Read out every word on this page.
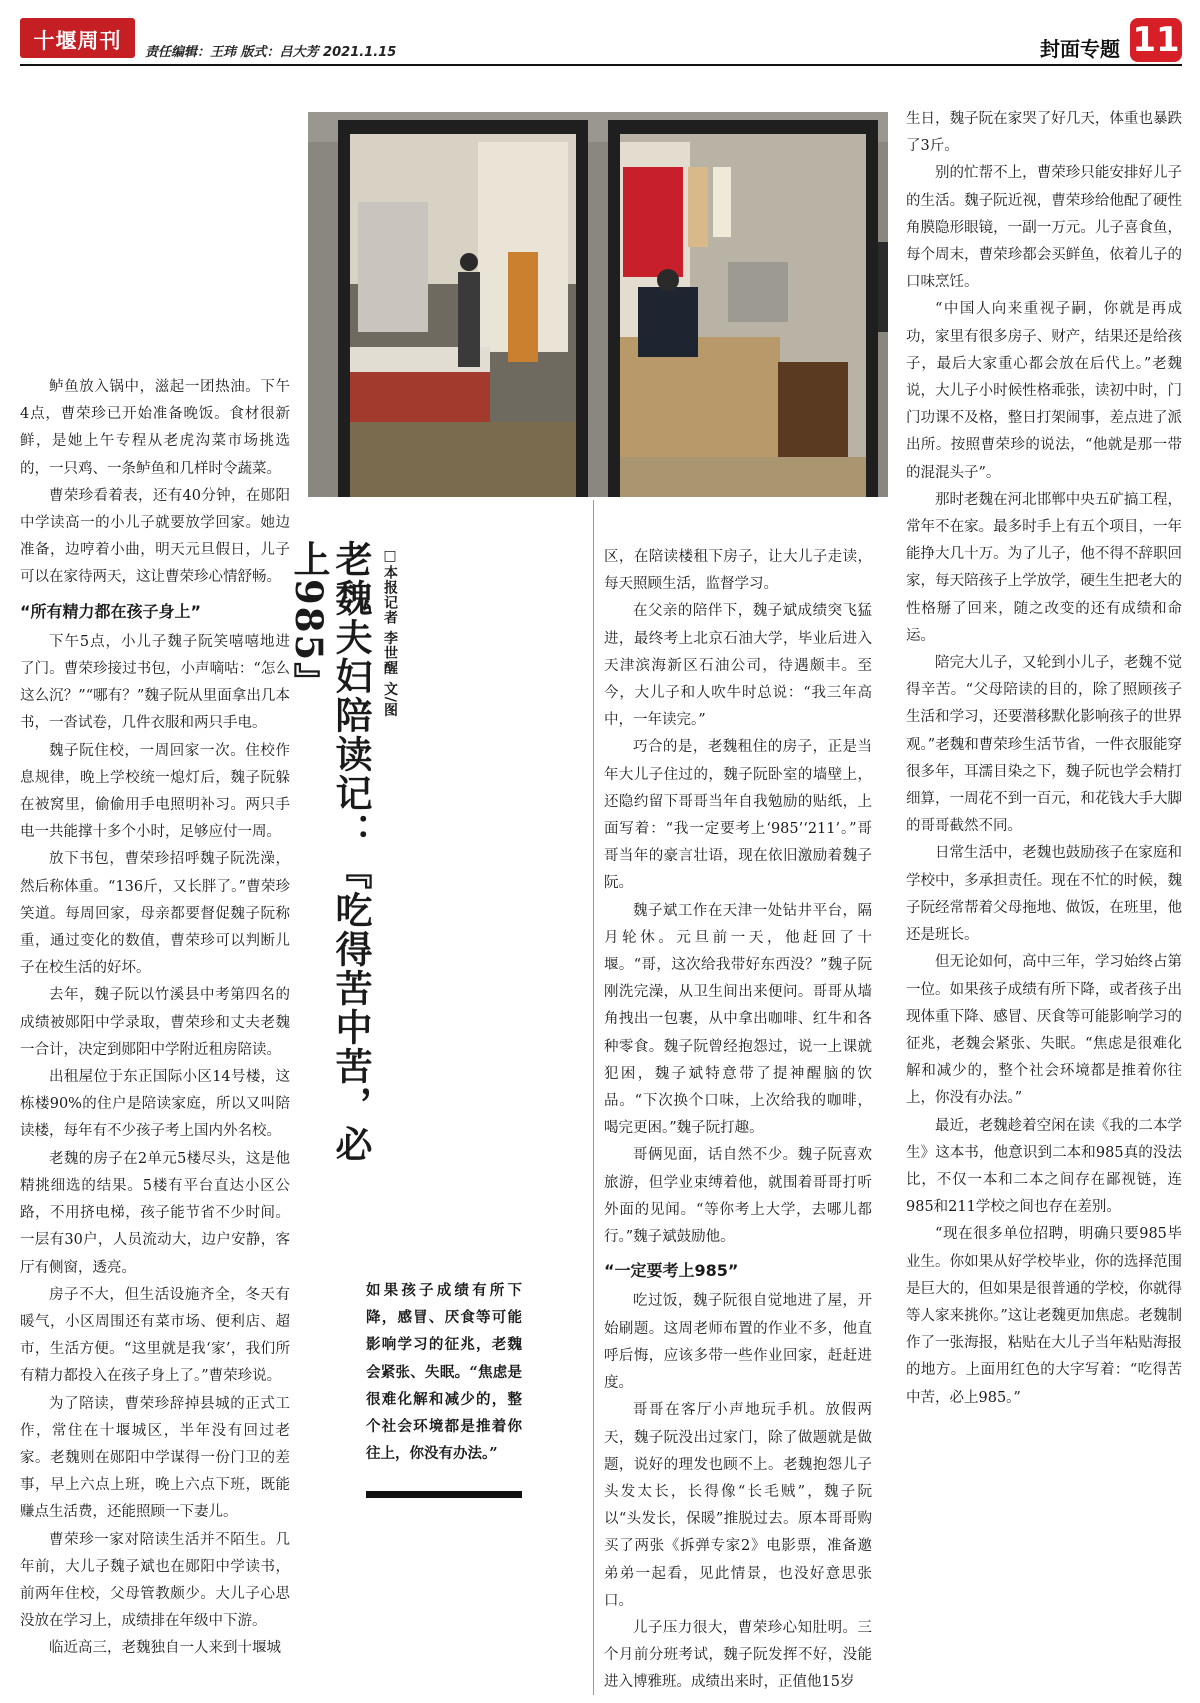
十堰周刊	责任编辑：王玮 版式：吕大芳 2021.1.15	封面专题 11

鲈鱼放入锅中，滋起一团热油。下午4点，曹荣珍已开始准备晚饭。食材很新鲜，是她上午专程从老虎沟菜市场挑选的，一只鸡、一条鲈鱼和几样时令蔬菜。

曹荣珍看着表，还有40分钟，在郧阳中学读高一的小儿子就要放学回家。她边准备，边哼着小曲，明天元旦假日，儿子可以在家待两天，这让曹荣珍心情舒畅。

“所有精力都在孩子身上”

下午5点，小儿子魏子阮笑嘻嘻地进了门。曹荣珍接过书包，小声嘀咕：“怎么这么沉？”“哪有？”魏子阮从里面拿出几本书，一沓试卷，几件衣服和两只手电。

魏子阮住校，一周回家一次。住校作息规律，晚上学校统一熄灯后，魏子阮躲在被窝里，偷偷用手电照明补习。两只手电一共能撑十多个小时，足够应付一周。

放下书包，曹荣珍招呼魏子阮洗澡，然后称体重。“136斤，又长胖了。”曹荣珍笑道。每周回家，母亲都要督促魏子阮称重，通过变化的数值，曹荣珍可以判断儿子在校生活的好坏。

去年，魏子阮以竹溪县中考第四名的成绩被郧阳中学录取，曹荣珍和丈夫老魏一合计，决定到郧阳中学附近租房陪读。

出租屋位于东正国际小区14号楼，这栋楼90%的住户是陪读家庭，所以又叫陪读楼，每年有不少孩子考上国内外名校。

老魏的房子在2单元5楼尽头，这是他精挑细选的结果。5楼有平台直达小区公路，不用挤电梯，孩子能节省不少时间。一层有30户，人员流动大，边户安静，客厅有侧窗，透亮。

房子不大，但生活设施齐全，冬天有暖气，小区周围还有菜市场、便利店、超市，生活方便。“这里就是我‘家’，我们所有精力都投入在孩子身上了。”曹荣珍说。

为了陪读，曹荣珍辞掉县城的正式工作，常住在十堰城区，半年没有回过老家。老魏则在郧阳中学谋得一份门卫的差事，早上六点上班，晚上六点下班，既能赚点生活费，还能照顾一下妻儿。

曹荣珍一家对陪读生活并不陌生。几年前，大儿子魏子斌也在郧阳中学读书，前两年住校，父母管教颇少。大儿子心思没放在学习上，成绩排在年级中下游。

临近高三，老魏独自一人来到十堰城

老魏夫妇陪读记：『吃得苦中苦，必上985』	□本报记者 李世醒 文/图
如果孩子成绩有所下降，感冒、厌食等可能影响学习的征兆，老魏会紧张、失眠。“焦虑是很难化解和减少的，整个社会环境都是推着你往上，你没有办法。”

区，在陪读楼租下房子，让大儿子走读，每天照顾生活，监督学习。

在父亲的陪伴下，魏子斌成绩突飞猛进，最终考上北京石油大学，毕业后进入天津滨海新区石油公司，待遇颇丰。至今，大儿子和人吹牛时总说：“我三年高中，一年读完。”

巧合的是，老魏租住的房子，正是当年大儿子住过的，魏子阮卧室的墙壁上，还隐约留下哥哥当年自我勉励的贴纸，上面写着：“我一定要考上‘985’‘211’。”哥哥当年的豪言壮语，现在依旧激励着魏子阮。

魏子斌工作在天津一处钻井平台，隔月轮休。元旦前一天，他赶回了十堰。“哥，这次给我带好东西没？”魏子阮刚洗完澡，从卫生间出来便问。哥哥从墙角拽出一包裹，从中拿出咖啡、红牛和各种零食。魏子阮曾经抱怨过，说一上课就犯困，魏子斌特意带了提神醒脑的饮品。“下次换个口味，上次给我的咖啡，喝完更困。”魏子阮打趣。

哥俩见面，话自然不少。魏子阮喜欢旅游，但学业束缚着他，就围着哥哥打听外面的见闻。“等你考上大学，去哪儿都行。”魏子斌鼓励他。

“一定要考上985”

吃过饭，魏子阮很自觉地进了屋，开始刷题。这周老师布置的作业不多，他直呼后悔，应该多带一些作业回家，赶赶进度。

哥哥在客厅小声地玩手机。放假两天，魏子阮没出过家门，除了做题就是做题，说好的理发也顾不上。老魏抱怨儿子头发太长，长得像“长毛贼”，魏子阮以“头发长，保暖”推脱过去。原本哥哥购买了两张《拆弹专家2》电影票，准备邀弟弟一起看，见此情景，也没好意思张口。

儿子压力很大，曹荣珍心知肚明。三个月前分班考试，魏子阮发挥不好，没能进入博雅班。成绩出来时，正值他15岁

生日，魏子阮在家哭了好几天，体重也暴跌了3斤。

别的忙帮不上，曹荣珍只能安排好儿子的生活。魏子阮近视，曹荣珍给他配了硬性角膜隐形眼镜，一副一万元。儿子喜食鱼，每个周末，曹荣珍都会买鲜鱼，依着儿子的口味烹饪。

“中国人向来重视子嗣，你就是再成功，家里有很多房子、财产，结果还是给孩子，最后大家重心都会放在后代上。”老魏说，大儿子小时候性格乖张，读初中时，门门功课不及格，整日打架闹事，差点进了派出所。按照曹荣珍的说法，“他就是那一带的混混头子”。

那时老魏在河北邯郸中央五矿搞工程，常年不在家。最多时手上有五个项目，一年能挣大几十万。为了儿子，他不得不辞职回家，每天陪孩子上学放学，硬生生把老大的性格掰了回来，随之改变的还有成绩和命运。

陪完大儿子，又轮到小儿子，老魏不觉得辛苦。“父母陪读的目的，除了照顾孩子生活和学习，还要潜移默化影响孩子的世界观。”老魏和曹荣珍生活节省，一件衣服能穿很多年，耳濡目染之下，魏子阮也学会精打细算，一周花不到一百元，和花钱大手大脚的哥哥截然不同。

日常生活中，老魏也鼓励孩子在家庭和学校中，多承担责任。现在不忙的时候，魏子阮经常帮着父母拖地、做饭，在班里，他还是班长。

但无论如何，高中三年，学习始终占第一位。如果孩子成绩有所下降，或者孩子出现体重下降、感冒、厌食等可能影响学习的征兆，老魏会紧张、失眠。“焦虑是很难化解和减少的，整个社会环境都是推着你往上，你没有办法。”

最近，老魏趁着空闲在读《我的二本学生》这本书，他意识到二本和985真的没法比，不仅一本和二本之间存在鄙视链，连985和211学校之间也存在差别。

“现在很多单位招聘，明确只要985毕业生。你如果从好学校毕业，你的选择范围是巨大的，但如果是很普通的学校，你就得等人家来挑你。”这让老魏更加焦虑。老魏制作了一张海报，粘贴在大儿子当年粘贴海报的地方。上面用红色的大字写着：“吃得苦中苦，必上985。”
